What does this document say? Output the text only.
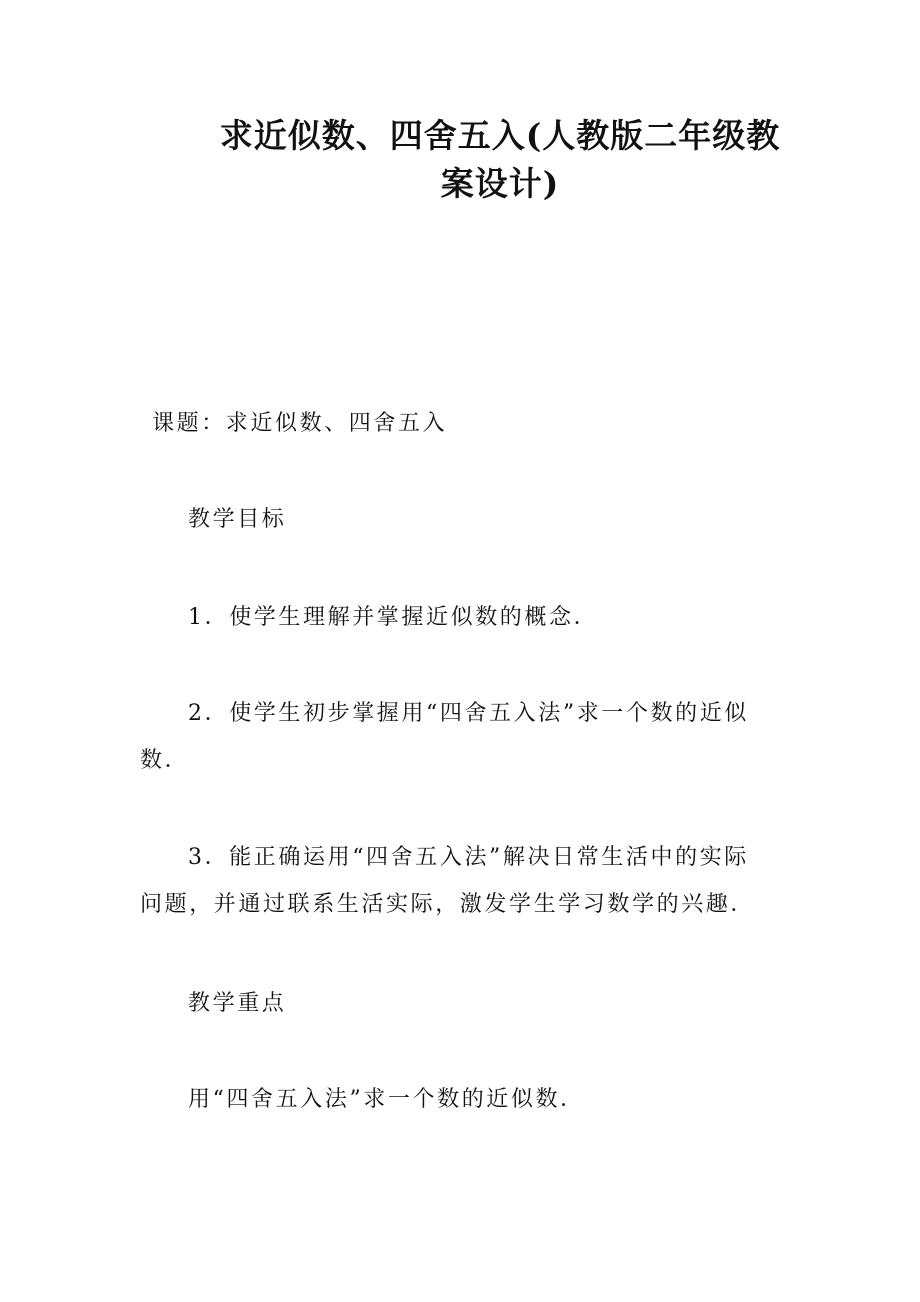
求近似数、四舍五入(人教版二年级教
案设计)
课题：求近似数、四舍五入
教学目标
1．使学生理解并掌握近似数的概念．
2．使学生初步掌握用“四舍五入法”求一个数的近似
数．
3．能正确运用“四舍五入法”解决日常生活中的实际
问题，并通过联系生活实际，激发学生学习数学的兴趣．
教学重点
用“四舍五入法”求一个数的近似数．
